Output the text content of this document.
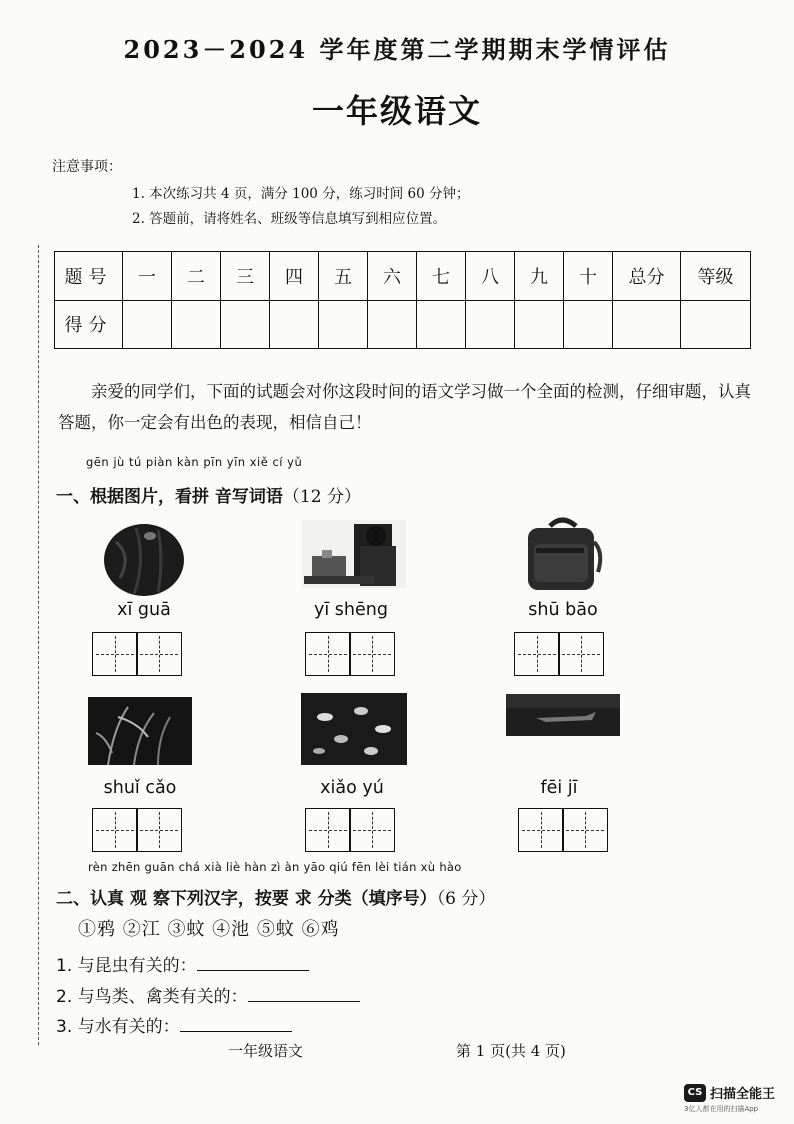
2023－2024 学年度第二学期期末学情评估
一年级语文
注意事项：
1. 本次练习共 4 页，满分 100 分，练习时间 60 分钟；
2. 答题前，请将姓名、班级等信息填写到相应位置。
题号	一	二	三	四	五	六	七	八	九	十	总分	等级
得分												
亲爱的同学们，下面的试题会对你这段时间的语文学习做一个全面的检测，仔细审题，认真答题，你一定会有出色的表现，相信自己！
gēn jù tú piàn kàn pīn yīn xiě cí yǔ
一、根据图片，看拼 音写词语（12 分）
xī guā	yī shēng	shū bāo
shuǐ cǎo	xiǎo yú	fēi jī
rèn zhēn guān chá xià liè hàn zì àn yāo qiú fēn lèi tián xù hào
二、认真 观 察下列汉字，按要 求 分类（填序号）（6 分）
①鸦 ②江 ③蚊 ④池 ⑤蚊 ⑥鸡
1. 与昆虫有关的：
2. 与鸟类、禽类有关的：
3. 与水有关的：
一年级语文	第 1 页(共 4 页)
CS 扫描全能王
3亿人都在用的扫描App
